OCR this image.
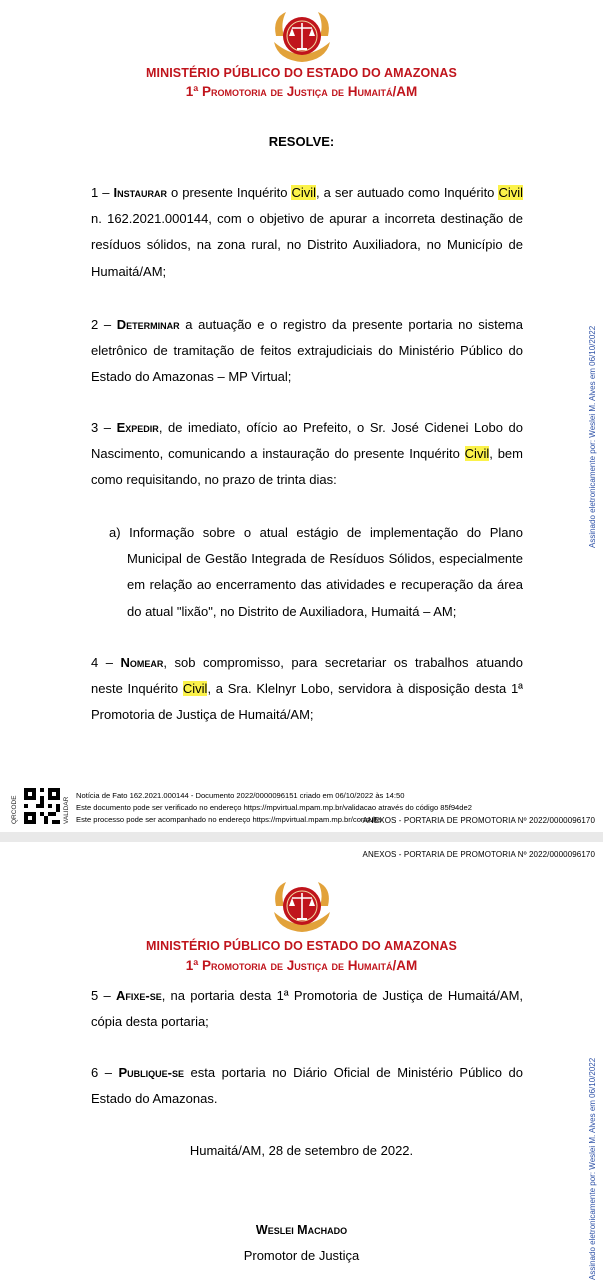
MINISTÉRIO PÚBLICO DO ESTADO DO AMAZONAS
1ª Promotoria de Justiça de Humaitá/AM
RESOLVE:

1 – Instaurar o presente Inquérito Civil, a ser autuado como Inquérito Civil n. 162.2021.000144, com o objetivo de apurar a incorreta destinação de resíduos sólidos, na zona rural, no Distrito Auxiliadora, no Município de Humaitá/AM;

2 – Determinar a autuação e o registro da presente portaria no sistema eletrônico de tramitação de feitos extrajudiciais do Ministério Público do Estado do Amazonas – MP Virtual;

3 – Expedir, de imediato, ofício ao Prefeito, o Sr. José Cidenei Lobo do Nascimento, comunicando a instauração do presente Inquérito Civil, bem como requisitando, no prazo de trinta dias:

a) Informação sobre o atual estágio de implementação do Plano Municipal de Gestão Integrada de Resíduos Sólidos, especialmente em relação ao encerramento das atividades e recuperação da área do atual "lixão", no Distrito de Auxiliadora, Humaitá – AM;

4 – Nomear, sob compromisso, para secretariar os trabalhos atuando neste Inquérito Civil, a Sra. Klelnyr Lobo, servidora à disposição desta 1ª Promotoria de Justiça de Humaitá/AM;

Assinado eletronicamente por: Weslei M. Alves em 06/10/2022
QRCODE	VALIDAR
Notícia de Fato 162.2021.000144 - Documento 2022/0000096151 criado em 06/10/2022 às 14:50
Este documento pode ser verificado no endereço https://mpvirtual.mpam.mp.br/validacao através do código 85f94de2
Este processo pode ser acompanhado no endereço https://mpvirtual.mpam.mp.br/consulta
ANEXOS - PORTARIA DE PROMOTORIA Nº 2022/0000096170
ANEXOS - PORTARIA DE PROMOTORIA Nº 2022/0000096170
MINISTÉRIO PÚBLICO DO ESTADO DO AMAZONAS
1ª Promotoria de Justiça de Humaitá/AM

5 – Afixe-se, na portaria desta 1ª Promotoria de Justiça de Humaitá/AM, cópia desta portaria;

6 – Publique-se esta portaria no Diário Oficial de Ministério Público do Estado do Amazonas.

Humaitá/AM, 28 de setembro de 2022.
Weslei Machado
Promotor de Justiça	Assinado eletronicamente por: Weslei M. Alves em 06/10/2022
